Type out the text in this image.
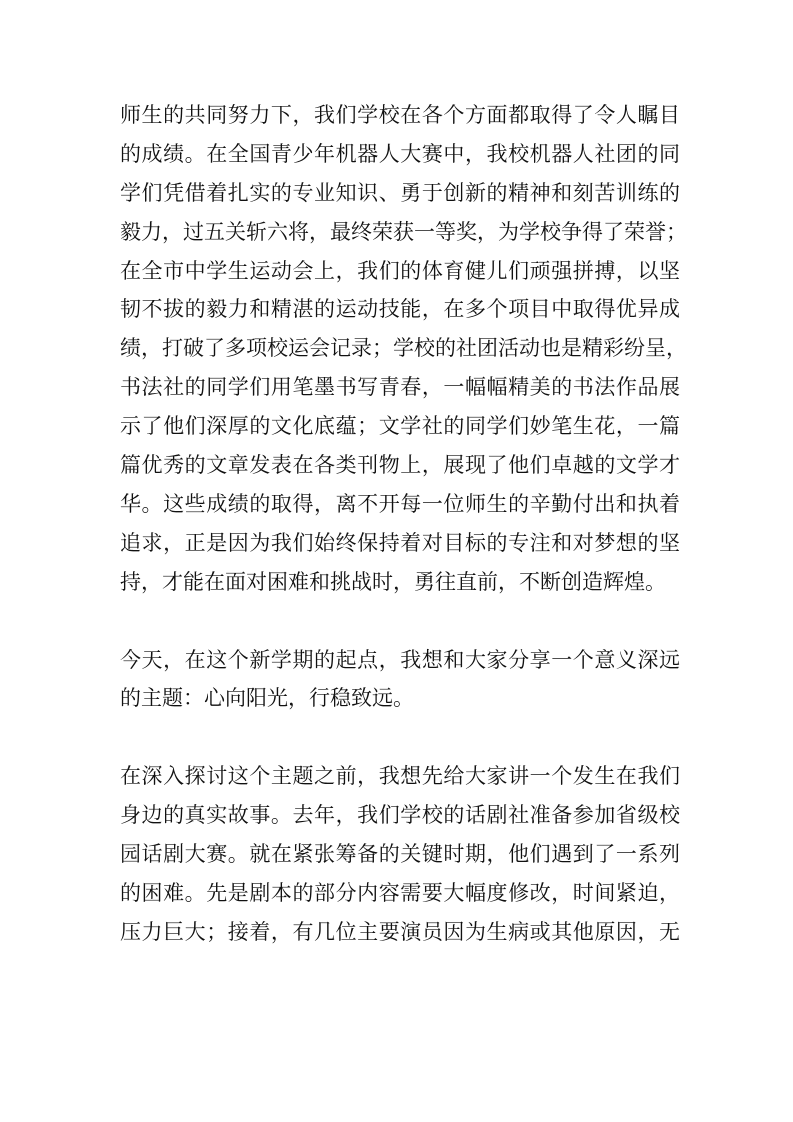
师生的共同努力下，我们学校在各个方面都取得了令人瞩目
的成绩。在全国青少年机器人大赛中，我校机器人社团的同
学们凭借着扎实的专业知识、勇于创新的精神和刻苦训练的
毅力，过五关斩六将，最终荣获一等奖，为学校争得了荣誉；
在全市中学生运动会上，我们的体育健儿们顽强拼搏，以坚
韧不拔的毅力和精湛的运动技能，在多个项目中取得优异成
绩，打破了多项校运会记录；学校的社团活动也是精彩纷呈，
书法社的同学们用笔墨书写青春，一幅幅精美的书法作品展
示了他们深厚的文化底蕴；文学社的同学们妙笔生花，一篇
篇优秀的文章发表在各类刊物上，展现了他们卓越的文学才
华。这些成绩的取得，离不开每一位师生的辛勤付出和执着
追求，正是因为我们始终保持着对目标的专注和对梦想的坚
持，才能在面对困难和挑战时，勇往直前，不断创造辉煌。
今天，在这个新学期的起点，我想和大家分享一个意义深远
的主题：心向阳光，行稳致远。
在深入探讨这个主题之前，我想先给大家讲一个发生在我们
身边的真实故事。去年，我们学校的话剧社准备参加省级校
园话剧大赛。就在紧张筹备的关键时期，他们遇到了一系列
的困难。先是剧本的部分内容需要大幅度修改，时间紧迫，
压力巨大；接着，有几位主要演员因为生病或其他原因，无
